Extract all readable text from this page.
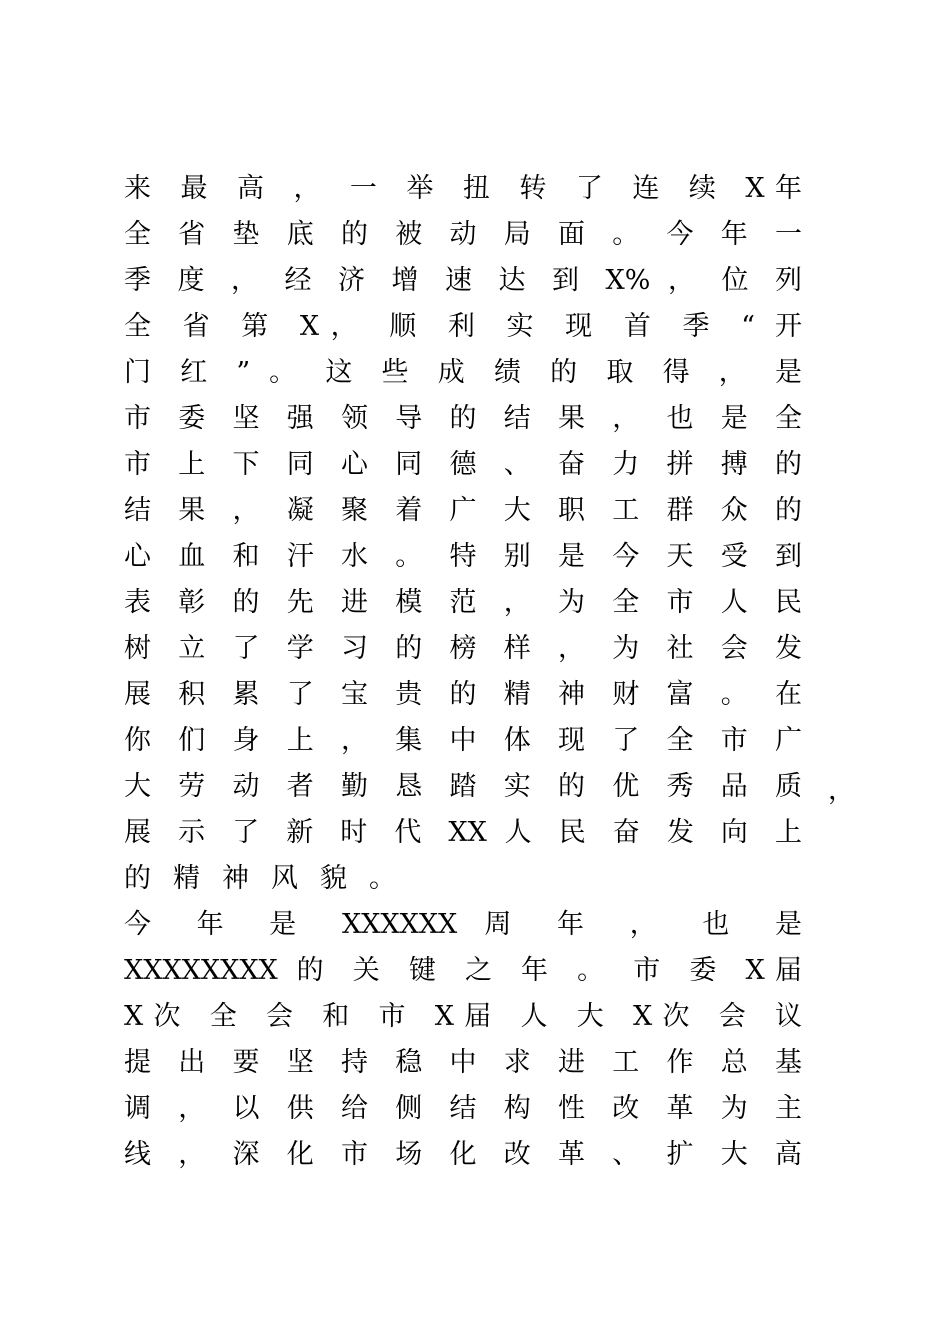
来 最 高 ， 一 举 扭 转 了 连 续 X年
全 省 垫 底 的 被 动 局 面 。 今 年 一
季 度 ， 经 济 增 速 达 到 X% ， 位 列
全 省 第 X， 顺 利 实 现 首 季 “ 开
门 红 ” 。 这 些 成 绩 的 取 得 ， 是
市 委 坚 强 领 导 的 结 果 ， 也 是 全
市 上 下 同 心 同 德 、 奋 力 拼 搏 的
结 果 ， 凝 聚 着 广 大 职 工 群 众 的
心 血 和 汗 水 。 特 别 是 今 天 受 到
表 彰 的 先 进 模 范 ， 为 全 市 人 民
树 立 了 学 习 的 榜 样 ， 为 社 会 发
展 积 累 了 宝 贵 的 精 神 财 富 。 在
你 们 身 上 ， 集 中 体 现 了 全 市 广
大 劳 动 者 勤 恳 踏 实 的 优 秀 品 质
展 示 了 新 时 代 XX 人 民 奋 发 向 上
的精神风貌。
今 年 是 XXXXXX 周 年 ， 也 是
XXXXXXXX 的 关 键 之 年 。 市 委 X届
X次 全 会 和 市 X届 人 大 X次 会 议
提 出 要 坚 持 稳 中 求 进 工 作 总 基
调 ， 以 供 给 侧 结 构 性 改 革 为 主
线 ， 深 化 市 场 化 改 革 、 扩 大 高
，
